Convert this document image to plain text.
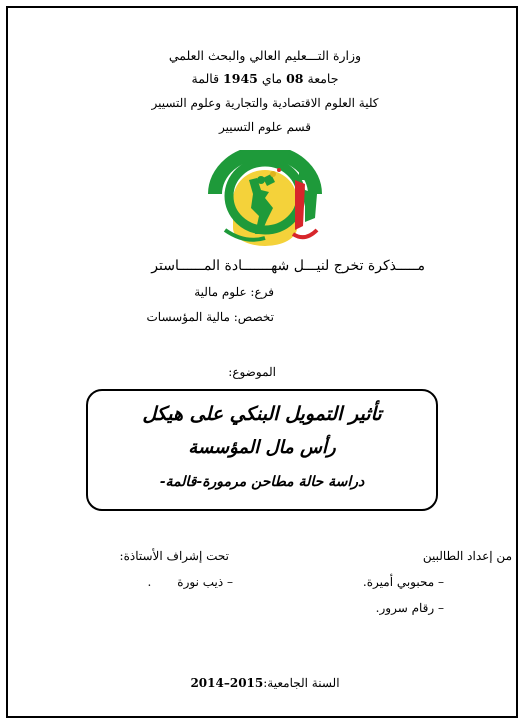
وزارة التـــعليم العالي والبحث العلمي
جامعة 08 ماي 1945 قالمة
كلية العلوم الاقتصادية والتجارية وعلوم التسيير
قسم علوم التسيير
مـــــذكرة تخرج لنيـــل شهـــــــادة المــــــاستر
فرع: علوم مالية
تخصص: مالية المؤسسات
الموضوع:
تأثير التمويل البنكي على هيكل
رأس مال المؤسسة
دراسة حالة مطاحن مرمورة-قالمة-
من إعداد الطالبين
– محبوبي أميرة.
– رقام سرور.
تحت إشراف الأستاذة:
– ذيب نورة.
السنة الجامعية:2015–2014
